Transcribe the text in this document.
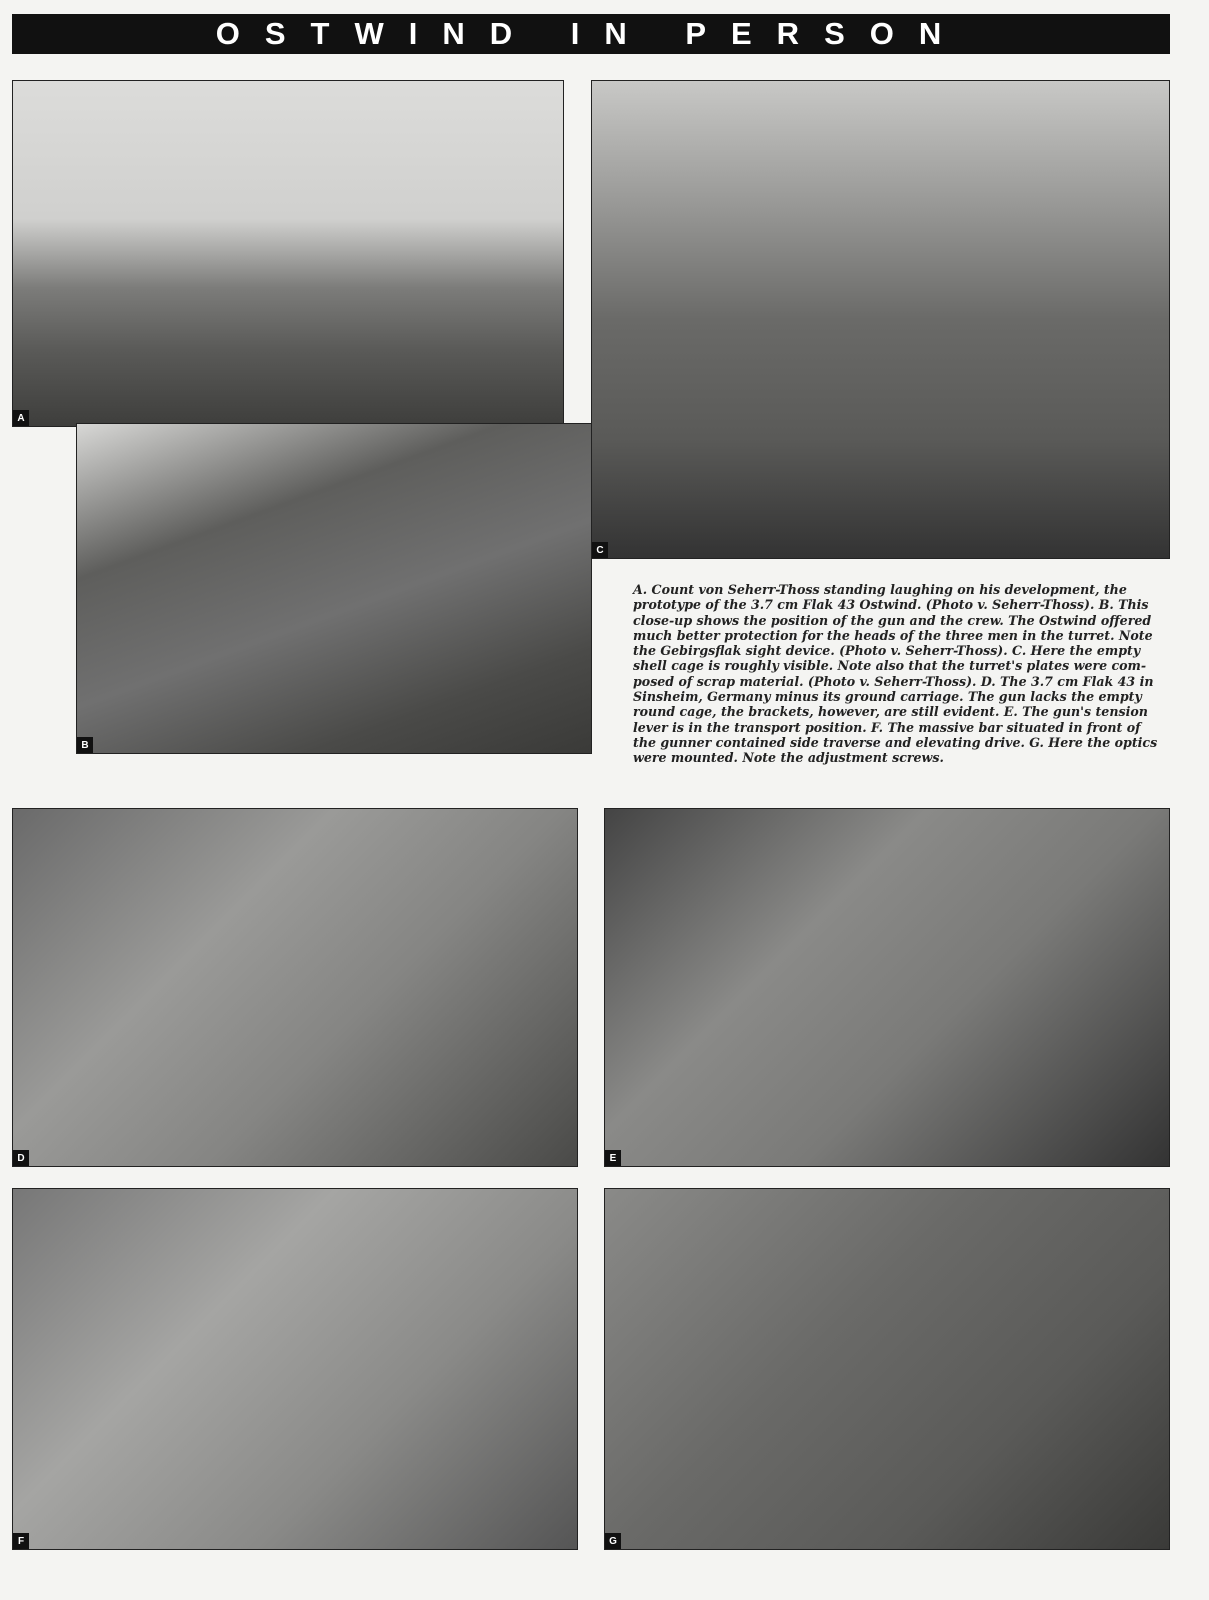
OSTWIND IN PERSON
A
C
B
A. Count von Seherr-Thoss standing laughing on his development, the
prototype of the 3.7 cm Flak 43 Ostwind. (Photo v. Seherr-Thoss). B. This
close-up shows the position of the gun and the crew. The Ostwind offered
much better protection for the heads of the three men in the turret. Note
the Gebirgsflak sight device. (Photo v. Seherr-Thoss). C. Here the empty
shell cage is roughly visible. Note also that the turret's plates were com-
posed of scrap material. (Photo v. Seherr-Thoss). D. The 3.7 cm Flak 43 in
Sinsheim, Germany minus its ground carriage. The gun lacks the empty
round cage, the brackets, however, are still evident. E. The gun's tension
lever is in the transport position. F. The massive bar situated in front of
the gunner contained side traverse and elevating drive. G. Here the optics
were mounted. Note the adjustment screws.
D	E
F	G
